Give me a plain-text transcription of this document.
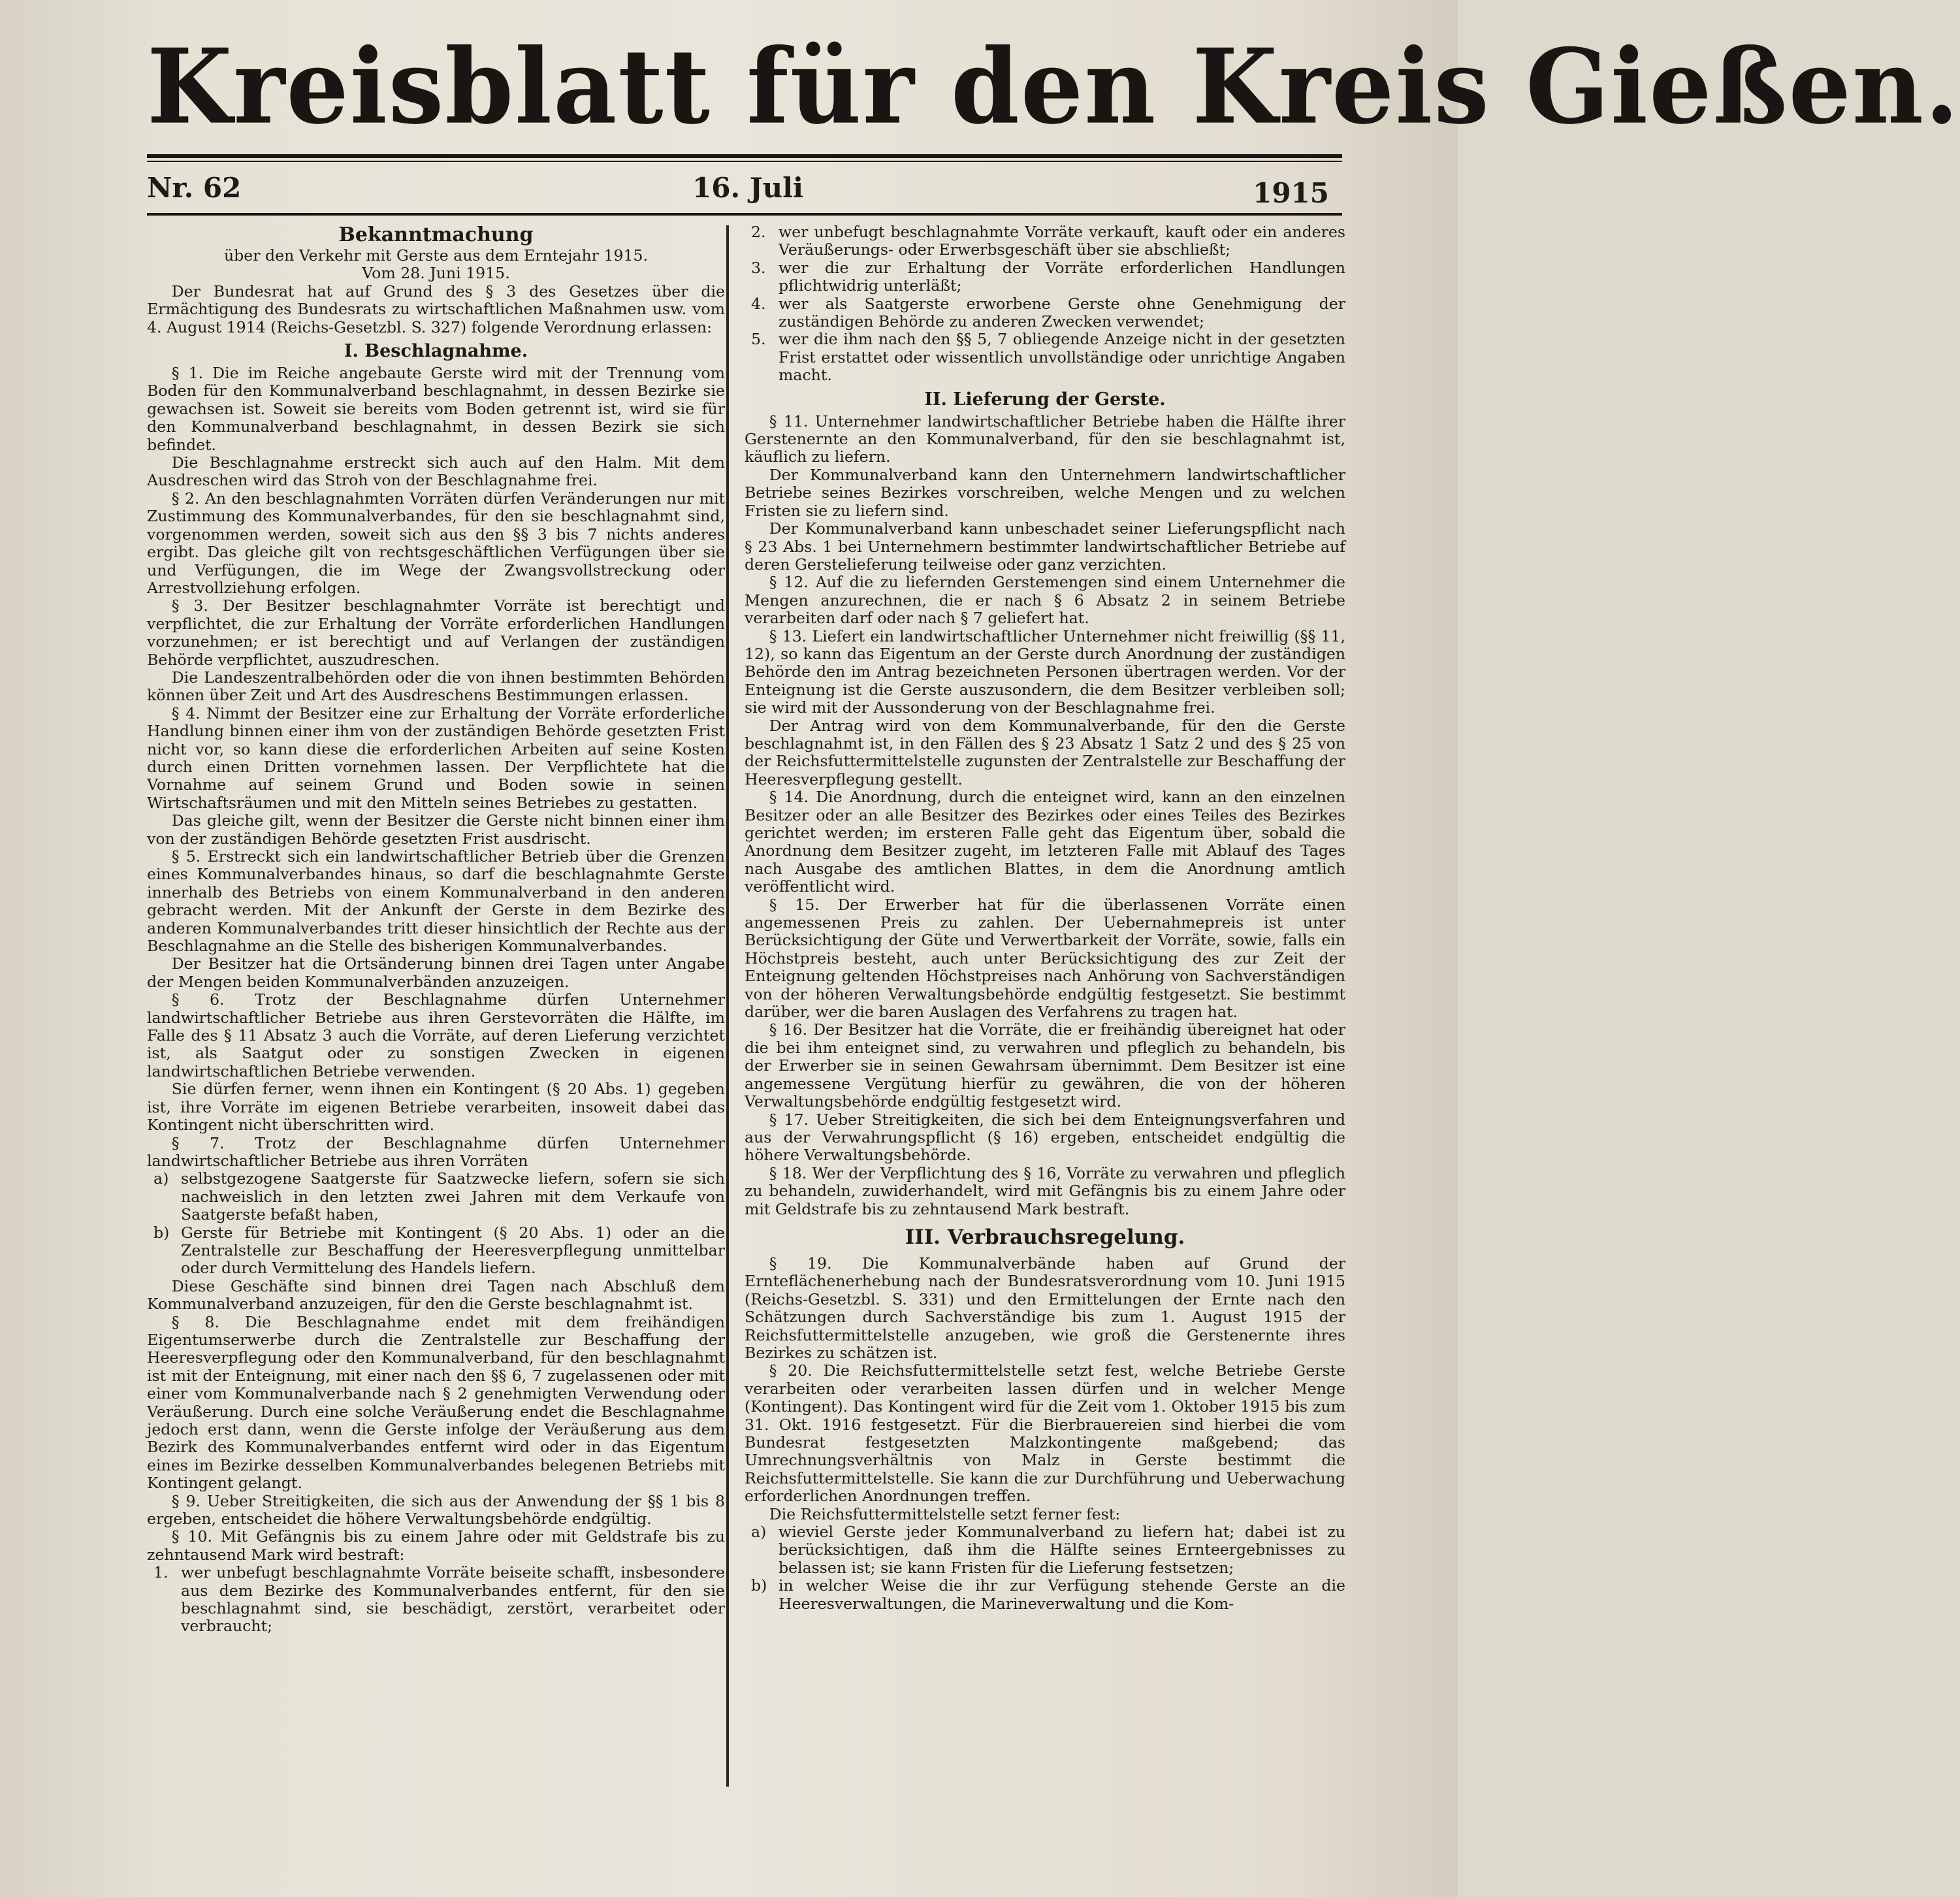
Kreisblatt für den Kreis Gießen.
Nr. 62	16. Juli	1915
Bekanntmachung

über den Verkehr mit Gerste aus dem Erntejahr 1915.

Vom 28. Juni 1915.

Der Bundesrat hat auf Grund des § 3 des Gesetzes über die Ermächtigung des Bundesrats zu wirtschaftlichen Maßnahmen usw. vom 4. August 1914 (Reichs-Gesetzbl. S. 327) folgende Verordnung erlassen:

I. Beschlagnahme.

§ 1. Die im Reiche angebaute Gerste wird mit der Trennung vom Boden für den Kommunalverband beschlagnahmt, in dessen Bezirke sie gewachsen ist. Soweit sie bereits vom Boden getrennt ist, wird sie für den Kommunalverband beschlagnahmt, in dessen Bezirk sie sich befindet.

Die Beschlagnahme erstreckt sich auch auf den Halm. Mit dem Ausdreschen wird das Stroh von der Beschlagnahme frei.

§ 2. An den beschlagnahmten Vorräten dürfen Veränderungen nur mit Zustimmung des Kommunalverbandes, für den sie beschlagnahmt sind, vorgenommen werden, soweit sich aus den §§ 3 bis 7 nichts anderes ergibt. Das gleiche gilt von rechtsgeschäftlichen Verfügungen über sie und Verfügungen, die im Wege der Zwangsvollstreckung oder Arrestvollziehung erfolgen.

§ 3. Der Besitzer beschlagnahmter Vorräte ist berechtigt und verpflichtet, die zur Erhaltung der Vorräte erforderlichen Handlungen vorzunehmen; er ist berechtigt und auf Verlangen der zuständigen Behörde verpflichtet, auszudreschen.

Die Landeszentralbehörden oder die von ihnen bestimmten Behörden können über Zeit und Art des Ausdreschens Bestimmungen erlassen.

§ 4. Nimmt der Besitzer eine zur Erhaltung der Vorräte erforderliche Handlung binnen einer ihm von der zuständigen Behörde gesetzten Frist nicht vor, so kann diese die erforderlichen Arbeiten auf seine Kosten durch einen Dritten vornehmen lassen. Der Verpflichtete hat die Vornahme auf seinem Grund und Boden sowie in seinen Wirtschaftsräumen und mit den Mitteln seines Betriebes zu gestatten.

Das gleiche gilt, wenn der Besitzer die Gerste nicht binnen einer ihm von der zuständigen Behörde gesetzten Frist ausdrischt.

§ 5. Erstreckt sich ein landwirtschaftlicher Betrieb über die Grenzen eines Kommunalverbandes hinaus, so darf die beschlagnahmte Gerste innerhalb des Betriebs von einem Kommunalverband in den anderen gebracht werden. Mit der Ankunft der Gerste in dem Bezirke des anderen Kommunalverbandes tritt dieser hinsichtlich der Rechte aus der Beschlagnahme an die Stelle des bisherigen Kommunalverbandes.

Der Besitzer hat die Ortsänderung binnen drei Tagen unter Angabe der Mengen beiden Kommunalverbänden anzuzeigen.

§ 6. Trotz der Beschlagnahme dürfen Unternehmer landwirtschaftlicher Betriebe aus ihren Gerstevorräten die Hälfte, im Falle des § 11 Absatz 3 auch die Vorräte, auf deren Lieferung verzichtet ist, als Saatgut oder zu sonstigen Zwecken in eigenen landwirtschaftlichen Betriebe verwenden.

Sie dürfen ferner, wenn ihnen ein Kontingent (§ 20 Abs. 1) gegeben ist, ihre Vorräte im eigenen Betriebe verarbeiten, insoweit dabei das Kontingent nicht überschritten wird.

§ 7. Trotz der Beschlagnahme dürfen Unternehmer landwirtschaftlicher Betriebe aus ihren Vorräten

a) selbstgezogene Saatgerste für Saatzwecke liefern, sofern sie sich nachweislich in den letzten zwei Jahren mit dem Verkaufe von Saatgerste befaßt haben,
b) Gerste für Betriebe mit Kontingent (§ 20 Abs. 1) oder an die Zentralstelle zur Beschaffung der Heeresverpflegung unmittelbar oder durch Vermittelung des Handels liefern.

Diese Geschäfte sind binnen drei Tagen nach Abschluß dem Kommunalverband anzuzeigen, für den die Gerste beschlagnahmt ist.

§ 8. Die Beschlagnahme endet mit dem freihändigen Eigentumserwerbe durch die Zentralstelle zur Beschaffung der Heeresverpflegung oder den Kommunalverband, für den beschlagnahmt ist mit der Enteignung, mit einer nach den §§ 6, 7 zugelassenen oder mit einer vom Kommunalverbande nach § 2 genehmigten Verwendung oder Veräußerung. Durch eine solche Veräußerung endet die Beschlagnahme jedoch erst dann, wenn die Gerste infolge der Veräußerung aus dem Bezirk des Kommunalverbandes entfernt wird oder in das Eigentum eines im Bezirke desselben Kommunalverbandes belegenen Betriebs mit Kontingent gelangt.

§ 9. Ueber Streitigkeiten, die sich aus der Anwendung der §§ 1 bis 8 ergeben, entscheidet die höhere Verwaltungsbehörde endgültig.

§ 10. Mit Gefängnis bis zu einem Jahre oder mit Geldstrafe bis zu zehntausend Mark wird bestraft:

1. wer unbefugt beschlagnahmte Vorräte beiseite schafft, insbesondere aus dem Bezirke des Kommunalverbandes entfernt, für den sie beschlagnahmt sind, sie beschädigt, zerstört, verarbeitet oder verbraucht;
2. wer unbefugt beschlagnahmte Vorräte verkauft, kauft oder ein anderes Veräußerungs- oder Erwerbsgeschäft über sie abschließt;
3. wer die zur Erhaltung der Vorräte erforderlichen Handlungen pflichtwidrig unterläßt;
4. wer als Saatgerste erworbene Gerste ohne Genehmigung der zuständigen Behörde zu anderen Zwecken verwendet;
5. wer die ihm nach den §§ 5, 7 obliegende Anzeige nicht in der gesetzten Frist erstattet oder wissentlich unvollständige oder unrichtige Angaben macht.
II. Lieferung der Gerste.

§ 11. Unternehmer landwirtschaftlicher Betriebe haben die Hälfte ihrer Gerstenernte an den Kommunalverband, für den sie beschlagnahmt ist, käuflich zu liefern.

Der Kommunalverband kann den Unternehmern landwirtschaftlicher Betriebe seines Bezirkes vorschreiben, welche Mengen und zu welchen Fristen sie zu liefern sind.

Der Kommunalverband kann unbeschadet seiner Lieferungspflicht nach § 23 Abs. 1 bei Unternehmern bestimmter landwirtschaftlicher Betriebe auf deren Gerstelieferung teilweise oder ganz verzichten.

§ 12. Auf die zu liefernden Gerstemengen sind einem Unternehmer die Mengen anzurechnen, die er nach § 6 Absatz 2 in seinem Betriebe verarbeiten darf oder nach § 7 geliefert hat.

§ 13. Liefert ein landwirtschaftlicher Unternehmer nicht freiwillig (§§ 11, 12), so kann das Eigentum an der Gerste durch Anordnung der zuständigen Behörde den im Antrag bezeichneten Personen übertragen werden. Vor der Enteignung ist die Gerste auszusondern, die dem Besitzer verbleiben soll; sie wird mit der Aussonderung von der Beschlagnahme frei.

Der Antrag wird von dem Kommunalverbande, für den die Gerste beschlagnahmt ist, in den Fällen des § 23 Absatz 1 Satz 2 und des § 25 von der Reichsfuttermittelstelle zugunsten der Zentralstelle zur Beschaffung der Heeresverpflegung gestellt.

§ 14. Die Anordnung, durch die enteignet wird, kann an den einzelnen Besitzer oder an alle Besitzer des Bezirkes oder eines Teiles des Bezirkes gerichtet werden; im ersteren Falle geht das Eigentum über, sobald die Anordnung dem Besitzer zugeht, im letzteren Falle mit Ablauf des Tages nach Ausgabe des amtlichen Blattes, in dem die Anordnung amtlich veröffentlicht wird.

§ 15. Der Erwerber hat für die überlassenen Vorräte einen angemessenen Preis zu zahlen. Der Uebernahmepreis ist unter Berücksichtigung der Güte und Verwertbarkeit der Vorräte, sowie, falls ein Höchstpreis besteht, auch unter Berücksichtigung des zur Zeit der Enteignung geltenden Höchstpreises nach Anhörung von Sachverständigen von der höheren Verwaltungsbehörde endgültig festgesetzt. Sie bestimmt darüber, wer die baren Auslagen des Verfahrens zu tragen hat.

§ 16. Der Besitzer hat die Vorräte, die er freihändig übereignet hat oder die bei ihm enteignet sind, zu verwahren und pfleglich zu behandeln, bis der Erwerber sie in seinen Gewahrsam übernimmt. Dem Besitzer ist eine angemessene Vergütung hierfür zu gewähren, die von der höheren Verwaltungsbehörde endgültig festgesetzt wird.

§ 17. Ueber Streitigkeiten, die sich bei dem Enteignungsverfahren und aus der Verwahrungspflicht (§ 16) ergeben, entscheidet endgültig die höhere Verwaltungsbehörde.

§ 18. Wer der Verpflichtung des § 16, Vorräte zu verwahren und pfleglich zu behandeln, zuwiderhandelt, wird mit Gefängnis bis zu einem Jahre oder mit Geldstrafe bis zu zehntausend Mark bestraft.

III. Verbrauchsregelung.

§ 19. Die Kommunalverbände haben auf Grund der Ernteflächenerhebung nach der Bundesratsverordnung vom 10. Juni 1915 (Reichs-Gesetzbl. S. 331) und den Ermittelungen der Ernte nach den Schätzungen durch Sachverständige bis zum 1. August 1915 der Reichsfuttermittelstelle anzugeben, wie groß die Gerstenernte ihres Bezirkes zu schätzen ist.

§ 20. Die Reichsfuttermittelstelle setzt fest, welche Betriebe Gerste verarbeiten oder verarbeiten lassen dürfen und in welcher Menge (Kontingent). Das Kontingent wird für die Zeit vom 1. Oktober 1915 bis zum 31. Okt. 1916 festgesetzt. Für die Bierbrauereien sind hierbei die vom Bundesrat festgesetzten Malzkontingente maßgebend; das Umrechnungsverhältnis von Malz in Gerste bestimmt die Reichsfuttermittelstelle. Sie kann die zur Durchführung und Ueberwachung erforderlichen Anordnungen treffen.

Die Reichsfuttermittelstelle setzt ferner fest:

a) wieviel Gerste jeder Kommunalverband zu liefern hat; dabei ist zu berücksichtigen, daß ihm die Hälfte seines Ernteergebnisses zu belassen ist; sie kann Fristen für die Lieferung festsetzen;
b) in welcher Weise die ihr zur Verfügung stehende Gerste an die Heeresverwaltungen, die Marineverwaltung und die Kom-
